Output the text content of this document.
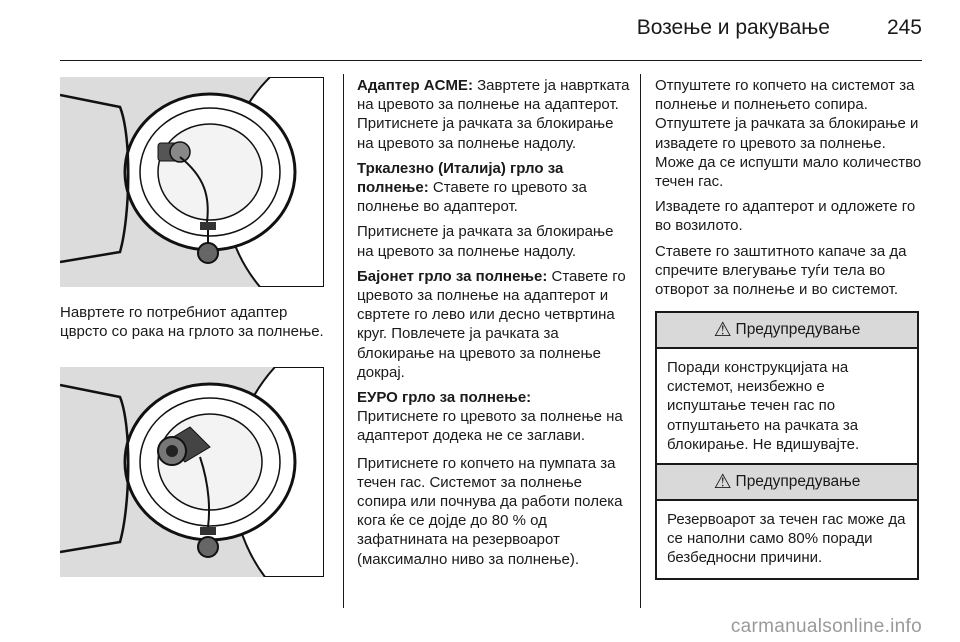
Возење и ракување	245

Навртете го потребниот адаптер цврсто со рака на грлото за полнење.

Адаптер ACME: Завртете ја навртката на цревото за полнење на адаптерот. Притиснете ја рачката за блокирање на цревото за полнење надолу.

Тркалезно (Италија) грло за полнење: Ставете го цревото за полнење во адаптерот.

Притиснете ја рачката за блокирање на цревото за полнење надолу.

Бајонет грло за полнење: Ставете го цревото за полнење на адаптерот и свртете го лево или десно четвртина круг. Повлечете ја рачката за блокирање на цревото за полнење докрај.

ЕУРО грло за полнење:
Притиснете го цревото за полнење на адаптерот додека не се заглави.

Притиснете го копчето на пумпата за течен гас. Системот за полнење сопира или почнува да работи полека кога ќе се дојде до 80 % од зафатнината на резервоарот (максимално ниво за полнење).

Отпуштете го копчето на системот за полнење и полнењето сопира. Отпуштете ја рачката за блокирање и извадете го цревото за полнење. Може да се испушти мало количество течен гас.

Извадете го адаптерот и одложете го во возилото.

Ставете го заштитното капаче за да спречите влегување туѓи тела во отворот за полнење и во системот.

⚠ Предупредување
Поради конструкцијата на системот, неизбежно е испуштање течен гас по отпуштањето на рачката за блокирање. Не вдишувајте.
⚠ Предупредување
Резервоарот за течен гас може да се наполни само 80% поради безбедносни причини.
carmanualsonline.info
